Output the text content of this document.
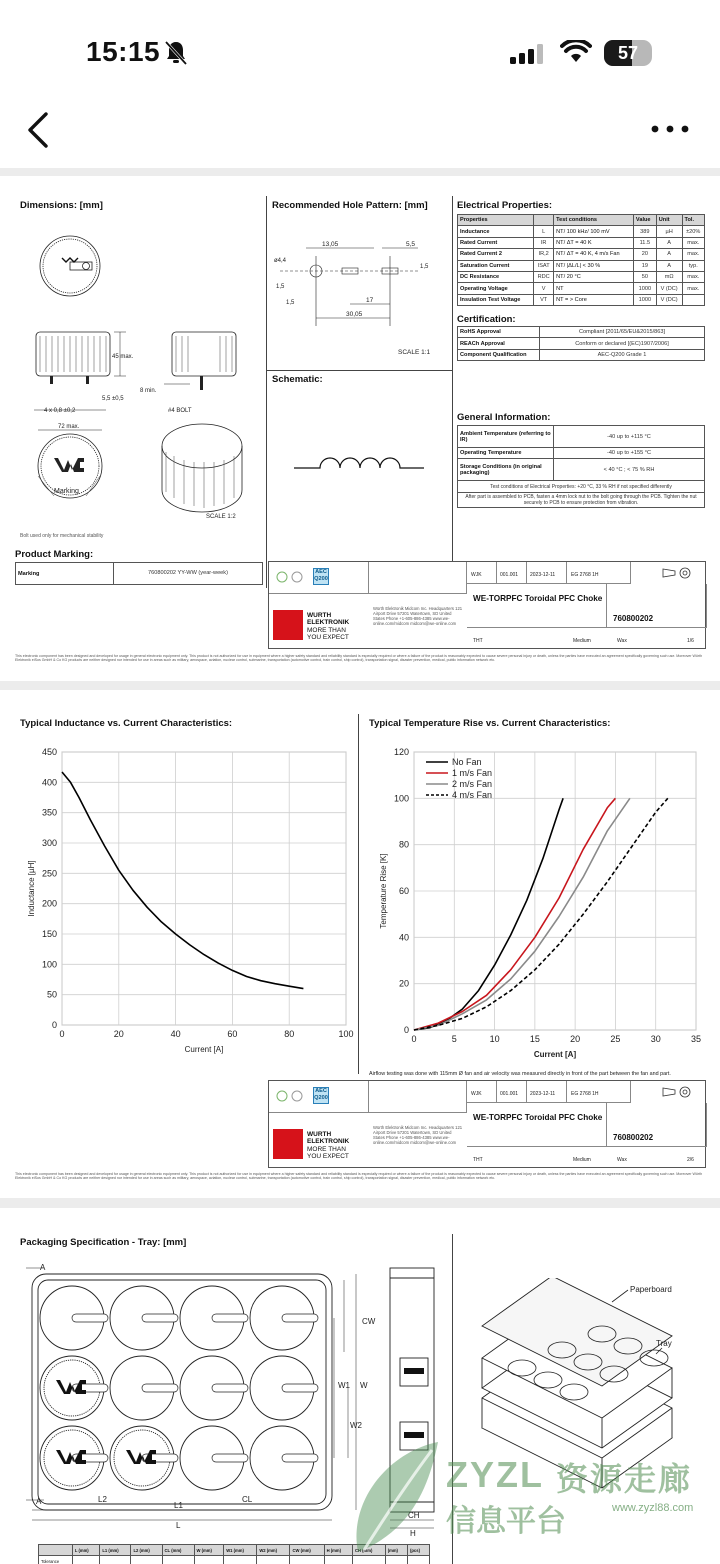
15:15	57
Dimensions: [mm]
45 max.
8 min.
4 x 0,8 ±0,2
5,5 ±0,5
#4 BOLT
72 max.
Marking
SCALE 1:2
Bolt used only for mechanical stability
Recommended Hole Pattern: [mm]
13,05	5,5
ø4,4
1,5
1,5
1,5
17
30,05
SCALE 1:1
Schematic:
Electrical Properties:
Properties		Test conditions	Value	Unit	Tol.
Inductance	L	NT/ 100 kHz/ 100 mV	389	µH	±20%
Rated Current	IR	NT/ ΔT = 40 K	11.5	A	max.
Rated Current 2	IR,2	NT/ ΔT = 40 K, 4 m/s Fan	20	A	max.
Saturation Current	ISAT	NT/ |ΔL/L| < 30 %	19	A	typ.
DC Resistance	RDC	NT/ 20 °C	50	mΩ	max.
Operating Voltage	V	NT	1000	V (DC)	max.
Insulation Test Voltage	VT	NT = > Core	1000	V (DC)	
Certification:
RoHS Approval	Compliant [2011/65/EU&2015/863]
REACh Approval	Conform or declared [(EC)1907/2006]
Component Qualification	AEC-Q200 Grade 1
General Information:
Ambient Temperature (referring to IR)	-40 up to +115 °C
Operating Temperature	-40 up to +155 °C
Storage Conditions (in original packaging)	< 40 °C ; < 75 % RH
Test conditions of Electrical Properties: +20 °C, 33 % RH if not specified differently	
After part is assembled to PCB, fasten a 4mm lock nut to the bolt going through the PCB. Tighten the nut securely to PCB to ensure protection from vibration.	
Product Marking:
Marking	760800202 YY-WW (year-week)	AEC Q200
WURTH
ELEKTRONIK
MORE THAN
YOU EXPECT
Würth Elektronik Midcom Inc. Headquarters 121 Airport Drive 57201 Watertown, SD United States Phone +1-605-886-4385 www.we-online.com/midcom midcom@we-online.com
WJK	001.001 2023-12-11	EG 2768 1H
WE-TORPFC Toroidal PFC Choke
760800202
THT	Medium	Wax	1/6
This electronic component has been designed and developed for usage in general electronic equipment only. This product is not authorized for use in equipment where a higher safety standard and reliability standard is especially required or where a failure of the product is reasonably expected to cause severe personal injury or death, unless the parties have executed an agreement specifically governing such use. Moreover Würth Elektronik eiSos GmbH & Co KG products are neither designed nor intended for use in areas such as military, aerospace, aviation, nuclear control, submarine, transportation (automotive control, train control, ship control), transportation signal, disaster prevention, medical, public information network etc.
Typical Inductance vs. Current Characteristics:	Typical Temperature Rise vs. Current Characteristics:
0	20	40	60	80	100
0
50
100
150
200
250
300
350
400
450
Current [A]
Inductance [µH]
0	5	10	15	20	25	30	35
0
20
40
60
80
100
120
Current [A]
Temperature Rise [K]
No Fan
1 m/s Fan
2 m/s Fan
4 m/s Fan
Airflow testing was done with 115mm Ø fan and air velocity was measured directly in front of the part between the fan and part.
AEC Q200
WURTH
ELEKTRONIK
MORE THAN
YOU EXPECT
Würth Elektronik Midcom Inc. Headquarters 121 Airport Drive 57201 Watertown, SD United States Phone +1-605-886-4385 www.we-online.com/midcom midcom@we-online.com
WJK	001.001 2023-12-11	EG 2768 1H
WE-TORPFC Toroidal PFC Choke
760800202
THT	Medium	Wax	2/6
This electronic component has been designed and developed for usage in general electronic equipment only. This product is not authorized for use in equipment where a higher safety standard and reliability standard is especially required or where a failure of the product is reasonably expected to cause severe personal injury or death, unless the parties have executed an agreement specifically governing such use. Moreover Würth Elektronik eiSos GmbH & Co KG products are neither designed nor intended for use in areas such as military, aerospace, aviation, nuclear control, submarine, transportation (automotive control, train control, ship control), transportation signal, disaster prevention, medical, public information network etc.
Packaging Specification - Tray: [mm]
A
A	L2
L1
CL
L
CW
W1
W2
W
CH
H
Paperboard
Tray
	L (mm)	L1 (mm)	L2 (mm)	CL (mm)	W (mm)	W1 (mm)	W2 (mm)	CW (mm)	H (mm)	CH (mm)	(mm)	(pcs)
Tolerance												
ZYZL 资源走廊
信息平台	www.zyzl88.com
